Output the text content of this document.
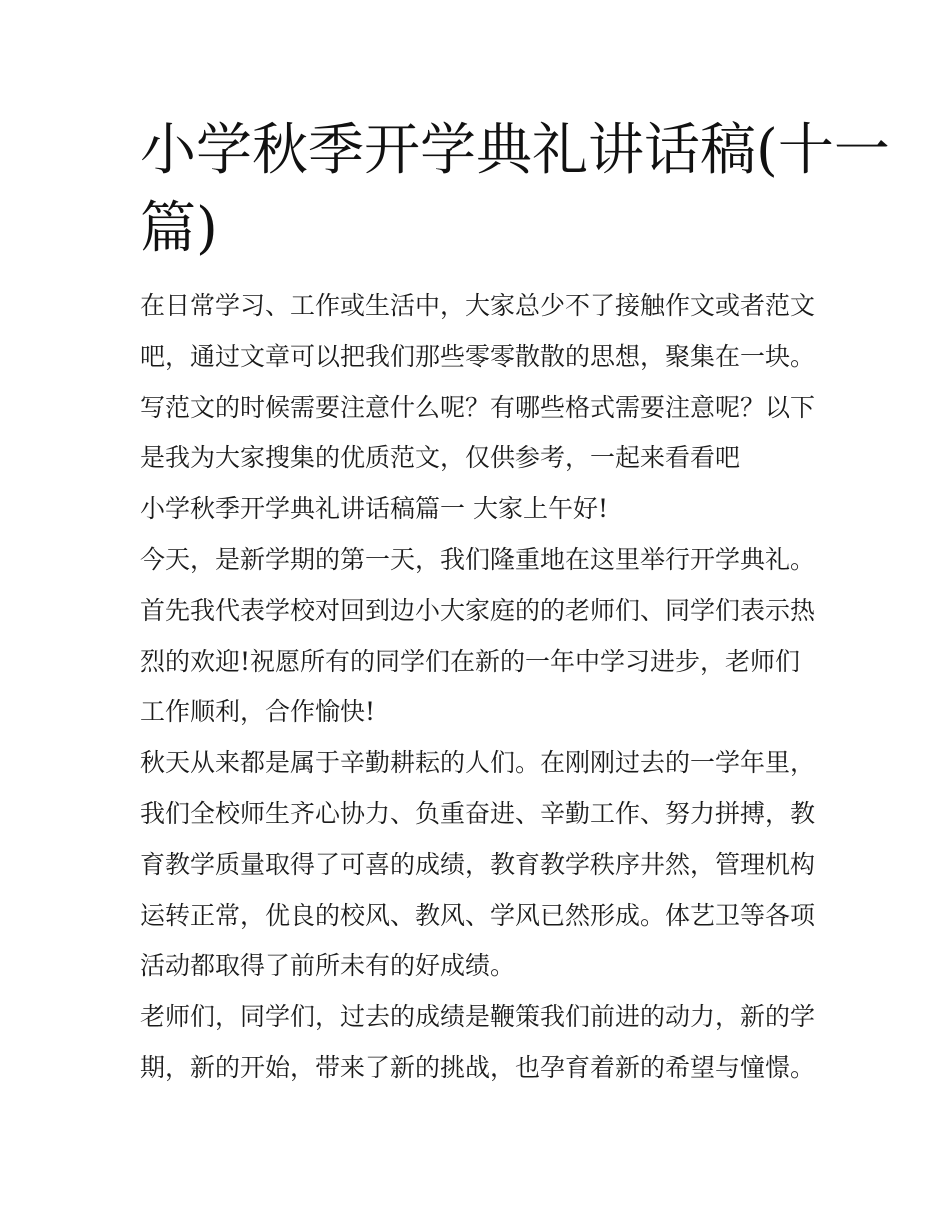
小学秋季开学典礼讲话稿(十一
篇)
在日常学习、工作或生活中，大家总少不了接触作文或者范文
吧，通过文章可以把我们那些零零散散的思想，聚集在一块。
写范文的时候需要注意什么呢？有哪些格式需要注意呢？以下
是我为大家搜集的优质范文，仅供参考，一起来看看吧
小学秋季开学典礼讲话稿篇一 大家上午好!
今天，是新学期的第一天，我们隆重地在这里举行开学典礼。
首先我代表学校对回到边小大家庭的的老师们、同学们表示热
烈的欢迎!祝愿所有的同学们在新的一年中学习进步，老师们
工作顺利，合作愉快!
秋天从来都是属于辛勤耕耘的人们。在刚刚过去的一学年里，
我们全校师生齐心协力、负重奋进、辛勤工作、努力拼搏，教
育教学质量取得了可喜的成绩，教育教学秩序井然，管理机构
运转正常，优良的校风、教风、学风已然形成。体艺卫等各项
活动都取得了前所未有的好成绩。
老师们，同学们，过去的成绩是鞭策我们前进的动力，新的学
期，新的开始，带来了新的挑战，也孕育着新的希望与憧憬。
